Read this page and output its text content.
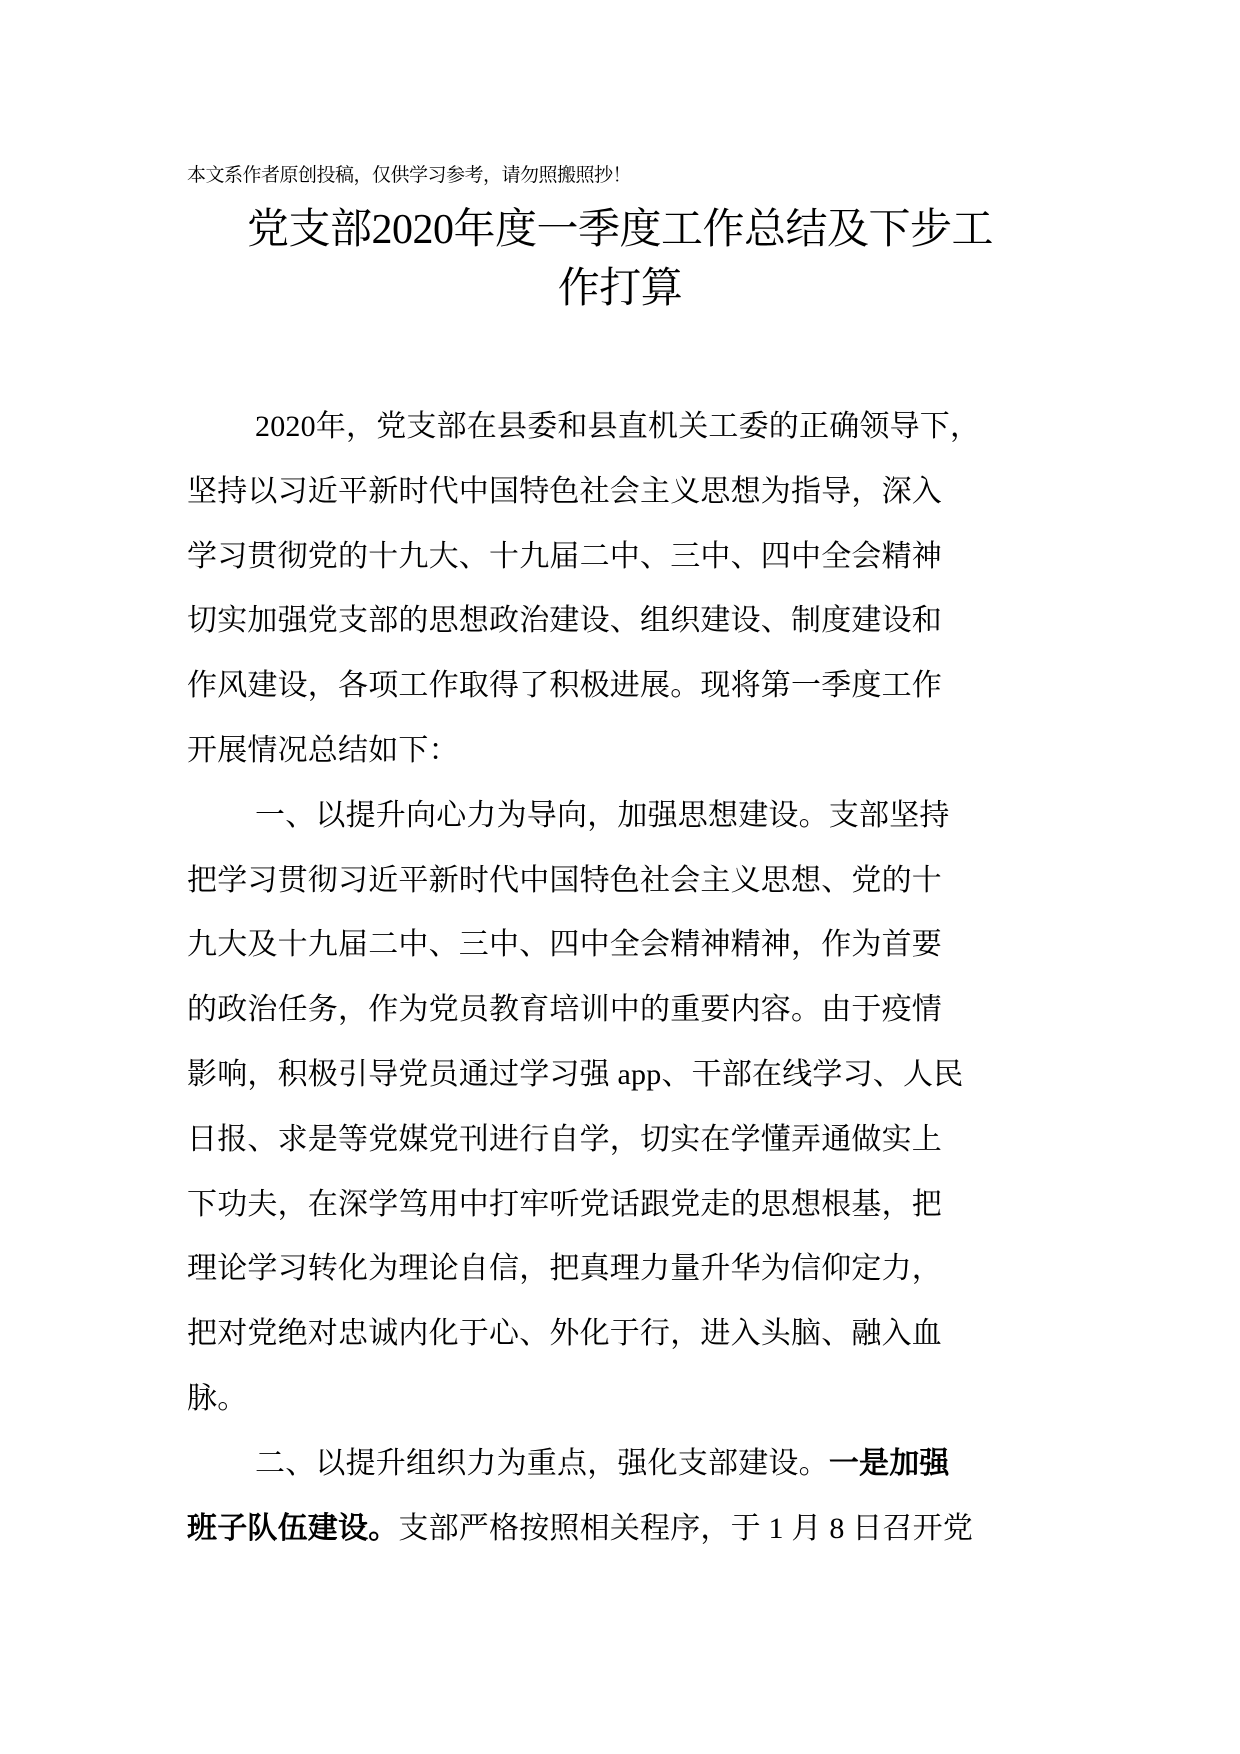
本文系作者原创投稿，仅供学习参考，请勿照搬照抄！
党支部2020年度一季度工作总结及下步工
作打算
2020年，党支部在县委和县直机关工委的正确领导下，
坚持以习近平新时代中国特色社会主义思想为指导，深入
学习贯彻党的十九大、十九届二中、三中、四中全会精神
切实加强党支部的思想政治建设、组织建设、制度建设和
作风建设，各项工作取得了积极进展。现将第一季度工作
开展情况总结如下：
一、以提升向心力为导向，加强思想建设。支部坚持
把学习贯彻习近平新时代中国特色社会主义思想、党的十
九大及十九届二中、三中、四中全会精神精神，作为首要
的政治任务，作为党员教育培训中的重要内容。由于疫情
影响，积极引导党员通过学习强 app、干部在线学习、人民
日报、求是等党媒党刊进行自学，切实在学懂弄通做实上
下功夫，在深学笃用中打牢听党话跟党走的思想根基，把
理论学习转化为理论自信，把真理力量升华为信仰定力，
把对党绝对忠诚内化于心、外化于行，进入头脑、融入血
脉。
二、以提升组织力为重点，强化支部建设。一是加强
班子队伍建设。支部严格按照相关程序，于 1 月 8 日召开党
